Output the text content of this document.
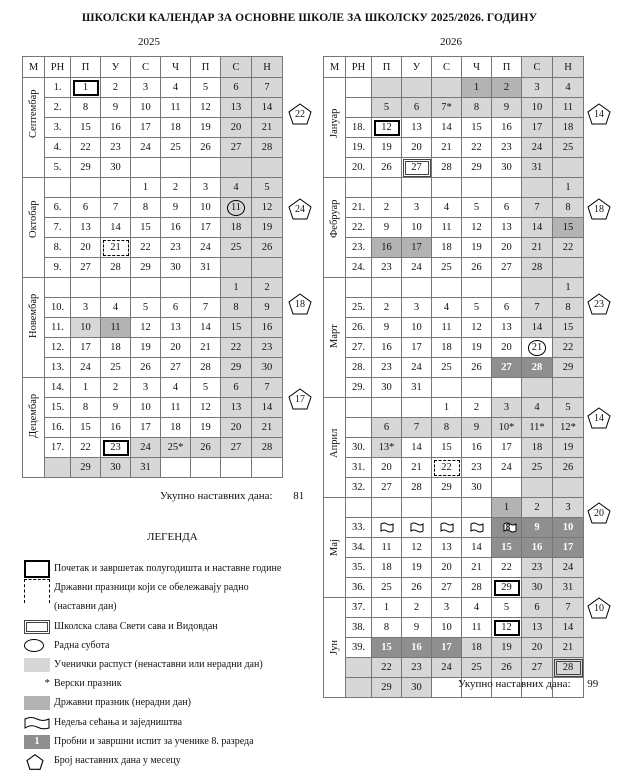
ШКОЛСКИ КАЛЕНДАР ЗА ОСНОВНЕ ШКОЛЕ ЗА ШКОЛСКУ 2025/2026. ГОДИНУ
2025	2026
М	РН	П	У	С	Ч	П	С	Н

Септембар	1.	1	2	3	4	5	6	7
	2.	8	9	10	11	12	13	14
	3.	15	16	17	18	19	20	21
	4.	22	23	24	25	26	27	28
	5.	29	30					

Октобар				1	2	3	4	5
	6.	6	7	8	9	10	11	12
	7.	13	14	15	16	17	18	19
	8.	20	21	22	23	24	25	26
	9.	27	28	29	30	31		

Новембар							1	2
	10.	3	4	5	6	7	8	9
	11.	10	11	12	13	14	15	16
	12.	17	18	19	20	21	22	23
	13.	24	25	26	27	28	29	30

Децембар	14.	1	2	3	4	5	6	7
	15.	8	9	10	11	12	13	14
	16.	15	16	17	18	19	20	21
	17.	22	23	24	25*	26	27	28
		29	30	31				
М	РН	П	У	С	Ч	П	С	Н

Јануар					1	2	3	4
		5	6	7*	8	9	10	11
	18.	12	13	14	15	16	17	18
	19.	19	20	21	22	23	24	25
	20.	26	27	28	29	30	31	

Фебруар								1
	21.	2	3	4	5	6	7	8
	22.	9	10	11	12	13	14	15
	23.	16	17	18	19	20	21	22
	24.	23	24	25	26	27	28	

Март								1
	25.	2	3	4	5	6	7	8
	26.	9	10	11	12	13	14	15
	27.	16	17	18	19	20	21	22
	28.	23	24	25	26	27	28	29
	29.	30	31					

Април				1	2	3	4	5
		6	7	8	9	10*	11*	12*
	30.	13*	14	15	16	17	18	19
	31.	20	21	22	23	24	25	26
	32.	27	28	29	30			

Мај						1	2	3
	33.					8	9	10
	34.	11	12	13	14	15	16	17
	35.	18	19	20	21	22	23	24
	36.	25	26	27	28	29	30	31

Јун	37.	1	2	3	4	5	6	7
	38.	8	9	10	11	12	13	14
	39.	15	16	17	18	19	20	21
		22	23	24	25	26	27	28
		29	30					
22
24
18
17
14
18
23
14
20
10
Укупно наставних дана: 81
Укупно наставних дана: 99
ЛЕГЕНДА
Почетак и завршетак полугодишта и наставне године
Државни празници који се обележавају радно
(наставни дан)
Школска слава Свети сава и Видовдан
Радна субота
Ученички распуст (ненаставни или нерадни дан)
* Верски празник
Државни празник (нерадни дан)
Недеља сећања и заједништва
1	Пробни и завршни испит за ученике 8. разреда
Број наставних дана у месецу
